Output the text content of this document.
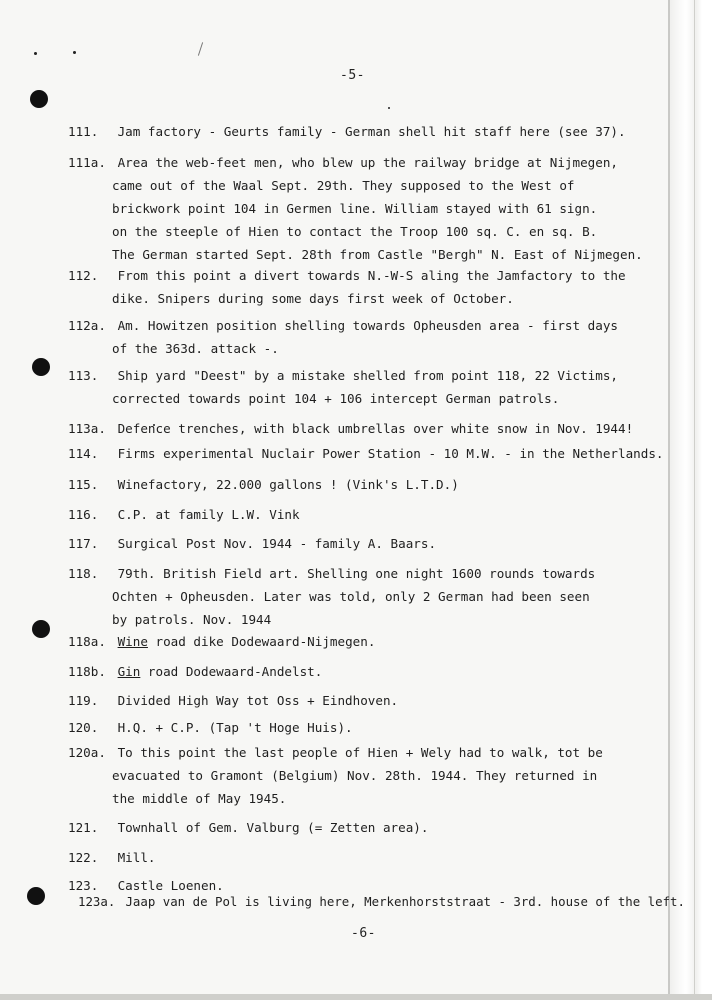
-5-
111. Jam factory - Geurts family - German shell hit staff here (see 37).
111a. Area the web-feet men, who blew up the railway bridge at Nijmegen,
came out of the Waal Sept. 29th. They supposed to the West of
brickwork point 104 in Germen line. William stayed with 61 sign.
on the steeple of Hien to contact the Troop 100 sq. C. en sq. B.
The German started Sept. 28th from Castle "Bergh" N. East of Nijmegen.
112. From this point a divert towards N.-W-S aling the Jamfactory to the
dike. Snipers during some days first week of October.
112a. Am. Howitzen position shelling towards Opheusden area - first days
of the 363d. attack -.
113. Ship yard "Deest" by a mistake shelled from point 118, 22 Victims,
corrected towards point 104 + 106 intercept German patrols.
113a. Defence trenches, with black umbrellas over white snow in Nov. 1944!
114. Firms experimental Nuclair Power Station - 10 M.W. - in the Netherlands.
115. Winefactory, 22.000 gallons ! (Vink's L.T.D.)
116. C.P. at family L.W. Vink
117. Surgical Post Nov. 1944 - family A. Baars.
118. 79th. British Field art. Shelling one night 1600 rounds towards
Ochten + Opheusden. Later was told, only 2 German had been seen
by patrols. Nov. 1944
118a. Wine road dike Dodewaard-Nijmegen.
118b. Gin road Dodewaard-Andelst.
119. Divided High Way tot Oss + Eindhoven.
120. H.Q. + C.P. (Tap 't Hoge Huis).
120a. To this point the last people of Hien + Wely had to walk, tot be
evacuated to Gramont (Belgium) Nov. 28th. 1944. They returned in
the middle of May 1945.
121. Townhall of Gem. Valburg (= Zetten area).
122. Mill.
123. Castle Loenen.
123a. Jaap van de Pol is living here, Merkenhorststraat - 3rd. house of the left.
-6-
